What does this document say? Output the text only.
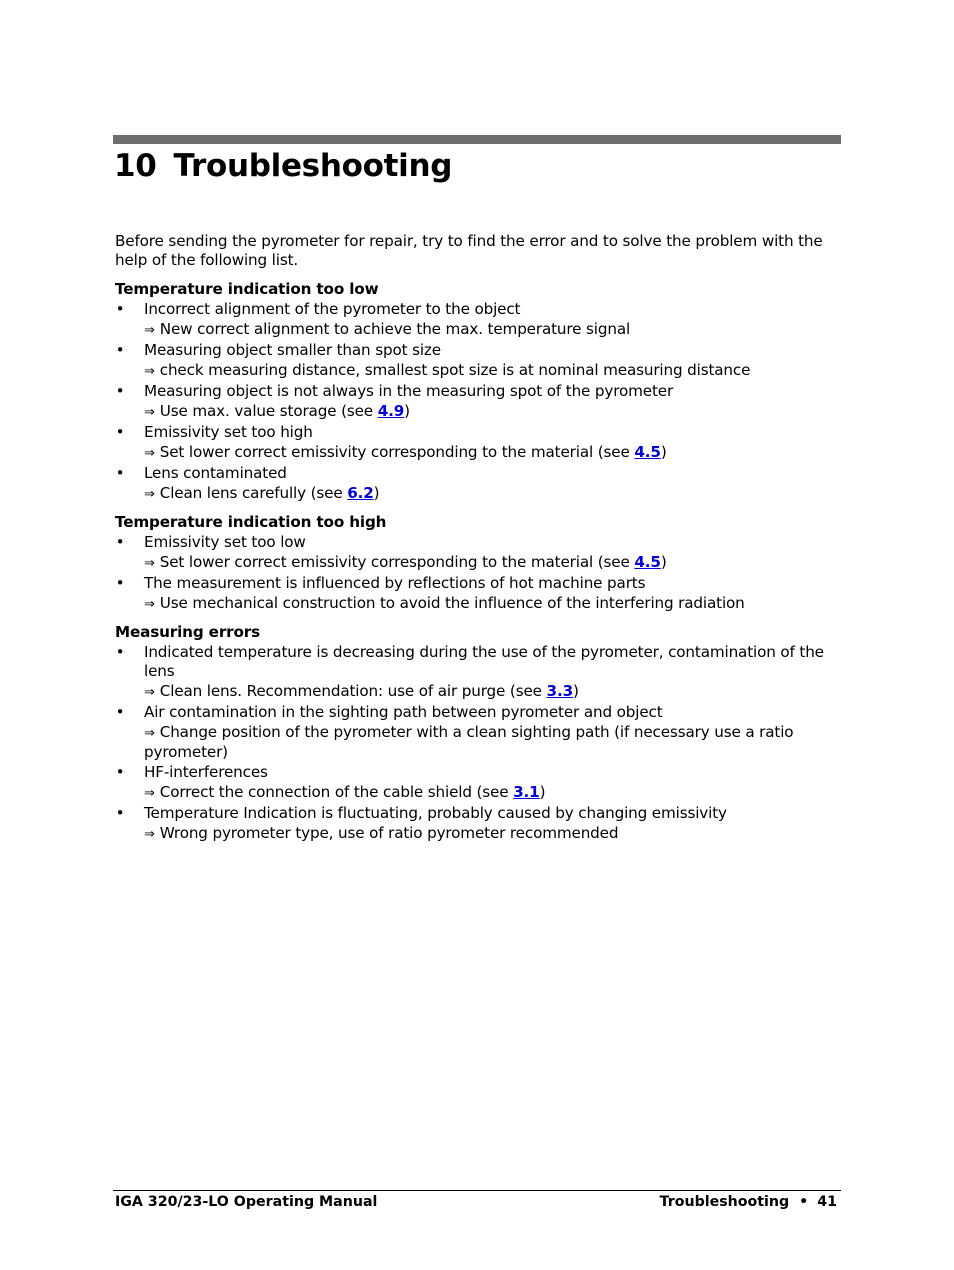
10 Troubleshooting

Before sending the pyrometer for repair, try to find the error and to solve the problem with the help of the following list.

Temperature indication too low
• Incorrect alignment of the pyrometer to the object
⇒ New correct alignment to achieve the max. temperature signal
• Measuring object smaller than spot size
⇒ check measuring distance, smallest spot size is at nominal measuring distance
• Measuring object is not always in the measuring spot of the pyrometer
⇒ Use max. value storage (see 4.9)
• Emissivity set too high
⇒ Set lower correct emissivity corresponding to the material (see 4.5)
• Lens contaminated
⇒ Clean lens carefully (see 6.2)
Temperature indication too high
• Emissivity set too low
⇒ Set lower correct emissivity corresponding to the material (see 4.5)
• The measurement is influenced by reflections of hot machine parts
⇒ Use mechanical construction to avoid the influence of the interfering radiation
Measuring errors
• Indicated temperature is decreasing during the use of the pyrometer, contamination of the lens
⇒ Clean lens. Recommendation: use of air purge (see 3.3)
• Air contamination in the sighting path between pyrometer and object
⇒ Change position of the pyrometer with a clean sighting path (if necessary use a ratio pyrometer)
• HF-interferences
⇒ Correct the connection of the cable shield (see 3.1)
• Temperature Indication is fluctuating, probably caused by changing emissivity
⇒ Wrong pyrometer type, use of ratio pyrometer recommended
IGA 320/23-LO Operating Manual	Troubleshooting • 41
